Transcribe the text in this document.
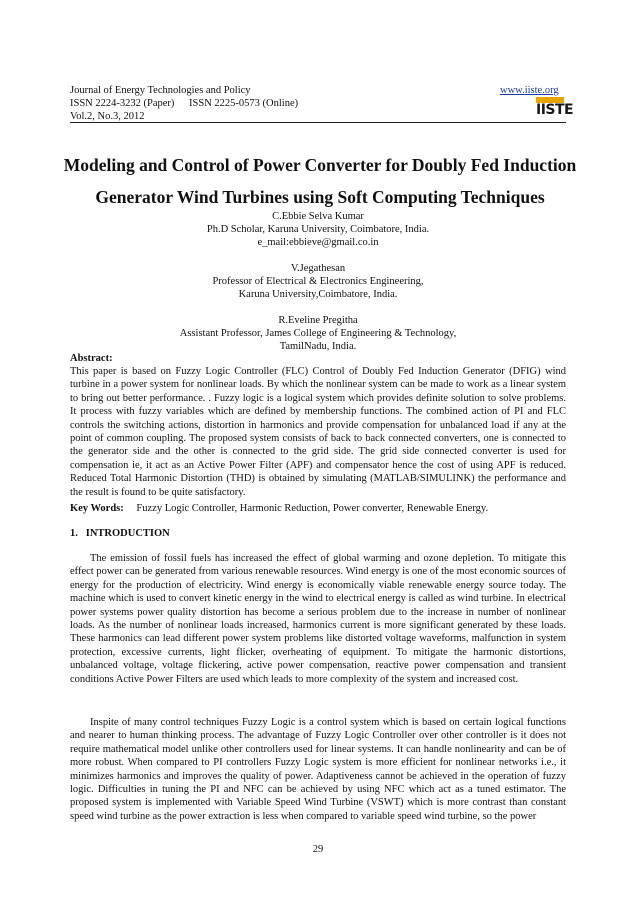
Journal of Energy Technologies and Policy
ISSN 2224-3232 (Paper) ISSN 2225-0573 (Online)
Vol.2, No.3, 2012
www.iiste.org
IISTE
Modeling and Control of Power Converter for Doubly Fed Induction
Generator Wind Turbines using Soft Computing Techniques
C.Ebbie Selva Kumar
Ph.D Scholar, Karuna University, Coimbatore, India.
e_mail:ebbieve@gmail.co.in
V.Jegathesan
Professor of Electrical & Electronics Engineering,
Karuna University,Coimbatore, India.
R.Eveline Pregitha
Assistant Professor, James College of Engineering & Technology,
TamilNadu, India.
Abstract:
This paper is based on Fuzzy Logic Controller (FLC) Control of Doubly Fed Induction Generator (DFIG) wind turbine in a power system for nonlinear loads. By which the nonlinear system can be made to work as a linear system to bring out better performance. . Fuzzy logic is a logical system which provides definite solution to solve problems. It process with fuzzy variables which are defined by membership functions. The combined action of PI and FLC controls the switching actions, distortion in harmonics and provide compensation for unbalanced load if any at the point of common coupling. The proposed system consists of back to back connected converters, one is connected to the generator side and the other is connected to the grid side. The grid side connected converter is used for compensation ie, it act as an Active Power Filter (APF) and compensator hence the cost of using APF is reduced. Reduced Total Harmonic Distortion (THD) is obtained by simulating (MATLAB/SIMULINK) the performance and the result is found to be quite satisfactory.
Key Words: Fuzzy Logic Controller, Harmonic Reduction, Power converter, Renewable Energy.
1.   INTRODUCTION
The emission of fossil fuels has increased the effect of global warming and ozone depletion. To mitigate this effect power can be generated from various renewable resources. Wind energy is one of the most economic sources of energy for the production of electricity. Wind energy is economically viable renewable energy source today. The machine which is used to convert kinetic energy in the wind to electrical energy is called as wind turbine. In electrical power systems power quality distortion has become a serious problem due to the increase in number of nonlinear loads. As the number of nonlinear loads increased, harmonics current is more significant generated by these loads. These harmonics can lead different power system problems like distorted voltage waveforms, malfunction in system protection, excessive currents, light flicker, overheating of equipment. To mitigate the harmonic distortions, unbalanced voltage, voltage flickering, active power compensation, reactive power compensation and transient conditions Active Power Filters are used which leads to more complexity of the system and increased cost.
Inspite of many control techniques Fuzzy Logic is a control system which is based on certain logical functions and nearer to human thinking process. The advantage of Fuzzy Logic Controller over other controller is it does not require mathematical model unlike other controllers used for linear systems. It can handle nonlinearity and can be of more robust. When compared to PI controllers Fuzzy Logic system is more efficient for nonlinear networks i.e., it minimizes harmonics and improves the quality of power. Adaptiveness cannot be achieved in the operation of fuzzy logic. Difficulties in tuning the PI and NFC can be achieved by using NFC which act as a tuned estimator. The proposed system is implemented with Variable Speed Wind Turbine (VSWT) which is more contrast than constant speed wind turbine as the power extraction is less when compared to variable speed wind turbine, so the power
29
